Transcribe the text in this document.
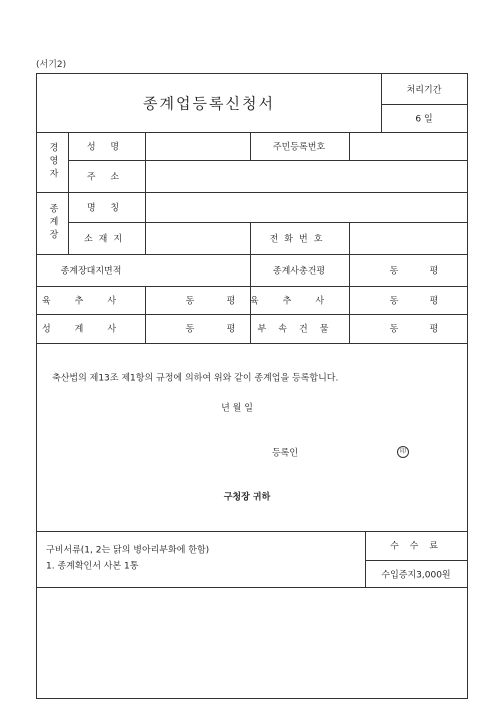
(서기2)
종계업등록신청서
처리기간
6 일
경
영
자
성 명	주민등록번호
주 소
종
계
장
명 칭
소재지	전화번호
종계장대지면적	종계사총건평	동	평
육추사	동	평 육추사	동	평
성계사	동	평 부속건물	동	평
축산법의 제13조 제1항의 규정에 의하여 위와 같이 종계업을 등록합니다.
년 월 일
등록인	印
구청장 귀하
구비서류(1, 2는 닭의 병아리부화에 한함)
1. 종계확인서 사본 1통
수 수 료
수입증지3,000원
